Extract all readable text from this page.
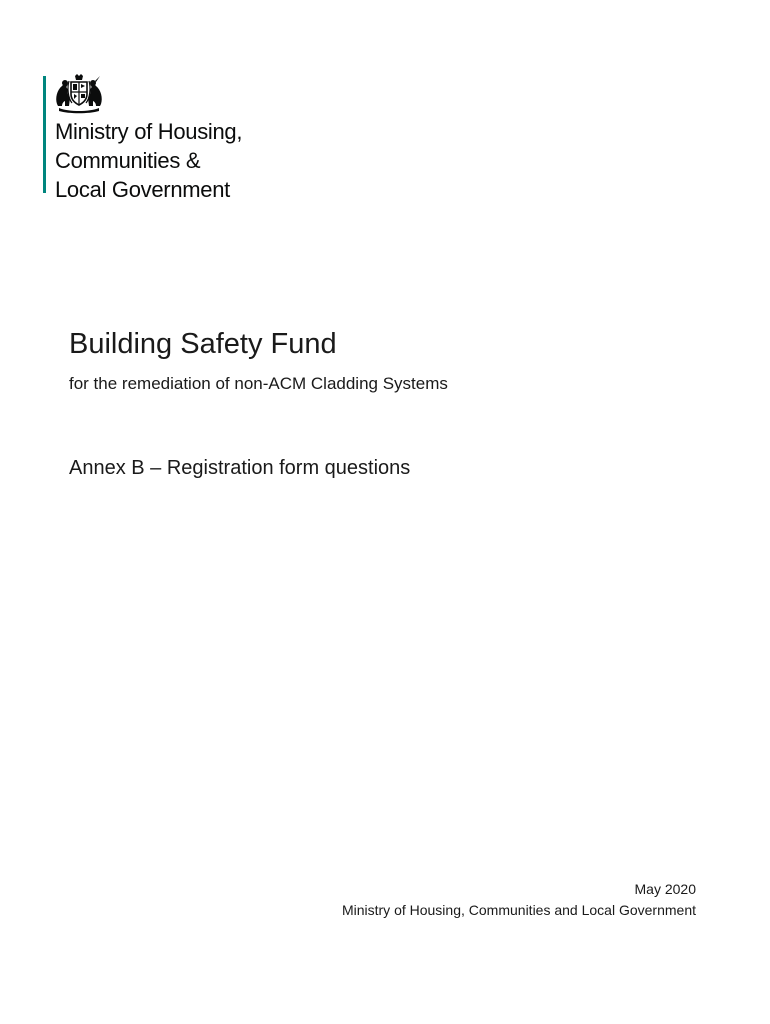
Ministry of Housing,
Communities &
Local Government
Building Safety Fund
for the remediation of non-ACM Cladding Systems
Annex B – Registration form questions
May 2020
Ministry of Housing, Communities and Local Government
